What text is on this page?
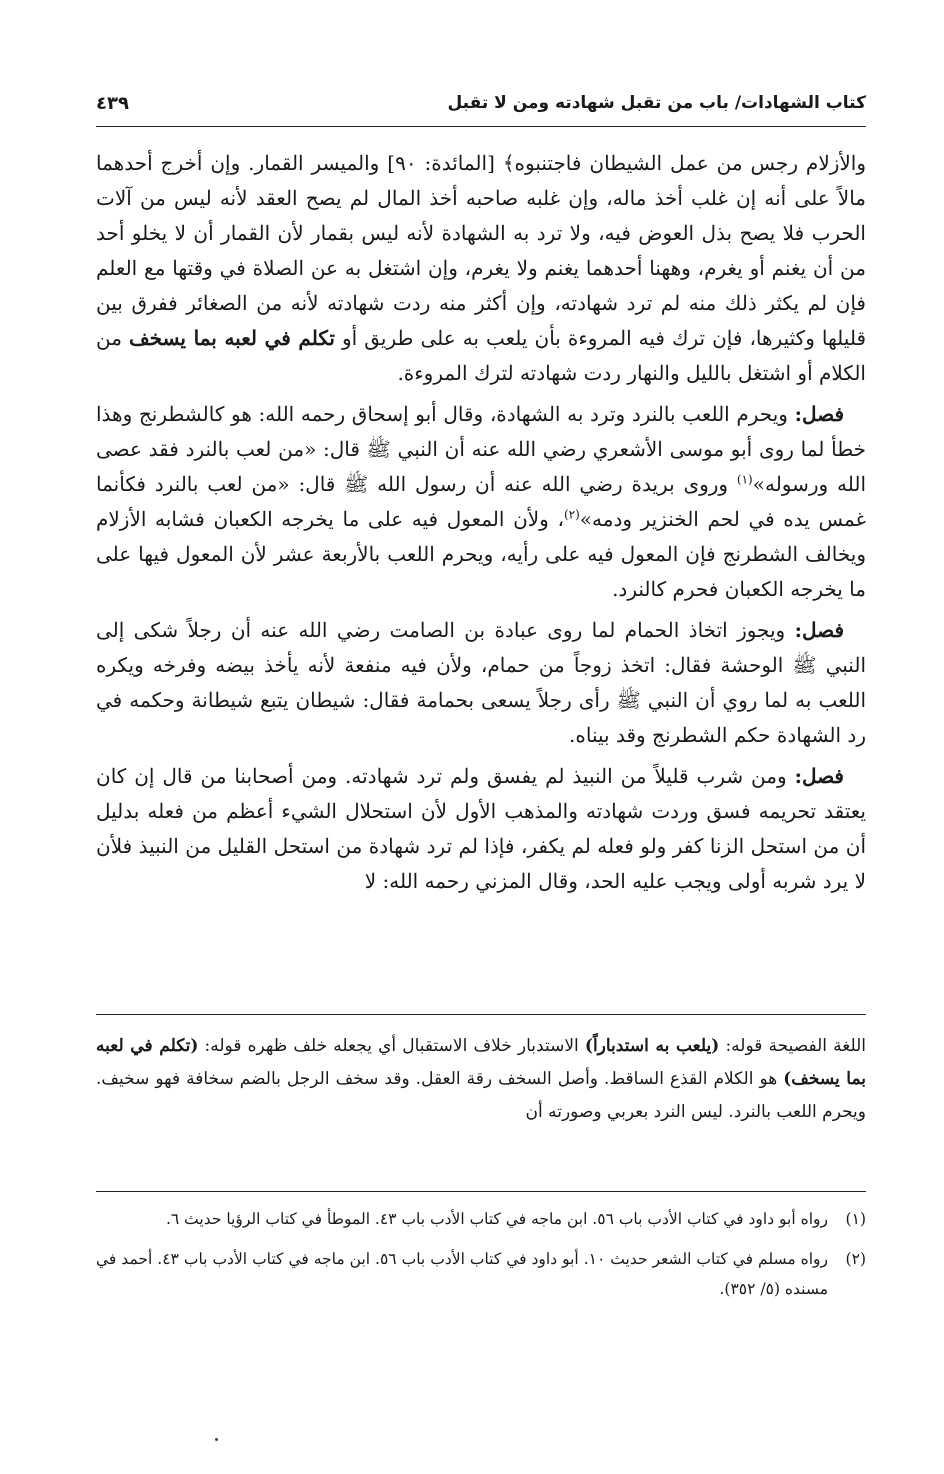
كتاب الشهادات/ باب من تقبل شهادته ومن لا تقبل
٤٣٩

والأزلام رجس من عمل الشيطان فاجتنبوه﴾ [المائدة: ٩٠] والميسر القمار. وإن أخرج أحدهما مالاً على أنه إن غلب أخذ ماله، وإن غلبه صاحبه أخذ المال لم يصح العقد لأنه ليس من آلات الحرب فلا يصح بذل العوض فيه، ولا ترد به الشهادة لأنه ليس بقمار لأن القمار أن لا يخلو أحد من أن يغنم أو يغرم، وههنا أحدهما يغنم ولا يغرم، وإن اشتغل به عن الصلاة في وقتها مع العلم فإن لم يكثر ذلك منه لم ترد شهادته، وإن أكثر منه ردت شهادته لأنه من الصغائر ففرق بين قليلها وكثيرها، فإن ترك فيه المروءة بأن يلعب به على طريق أو تكلم في لعبه بما يسخف من الكلام أو اشتغل بالليل والنهار ردت شهادته لترك المروءة.

فصل: ويحرم اللعب بالنرد وترد به الشهادة، وقال أبو إسحاق رحمه الله: هو كالشطرنج وهذا خطأ لما روى أبو موسى الأشعري رضي الله عنه أن النبي ﷺ قال: «من لعب بالنرد فقد عصى الله ورسوله»$^{(١)}$ وروى بريدة رضي الله عنه أن رسول الله ﷺ قال: «من لعب بالنرد فكأنما غمس يده في لحم الخنزير ودمه»$^{(٢)}$، ولأن المعول فيه على ما يخرجه الكعبان فشابه الأزلام ويخالف الشطرنج فإن المعول فيه على رأيه، ويحرم اللعب بالأربعة عشر لأن المعول فيها على ما يخرجه الكعبان فحرم كالنرد.

فصل: ويجوز اتخاذ الحمام لما روى عبادة بن الصامت رضي الله عنه أن رجلاً شكى إلى النبي ﷺ الوحشة فقال: اتخذ زوجاً من حمام، ولأن فيه منفعة لأنه يأخذ بيضه وفرخه ويكره اللعب به لما روي أن النبي ﷺ رأى رجلاً يسعى بحمامة فقال: شيطان يتبع شيطانة وحكمه في رد الشهادة حكم الشطرنج وقد بيناه.

فصل: ومن شرب قليلاً من النبيذ لم يفسق ولم ترد شهادته. ومن أصحابنا من قال إن كان يعتقد تحريمه فسق وردت شهادته والمذهب الأول لأن استحلال الشيء أعظم من فعله بدليل أن من استحل الزنا كفر ولو فعله لم يكفر، فإذا لم ترد شهادة من استحل القليل من النبيذ فلأن لا يرد شربه أولى ويجب عليه الحد، وقال المزني رحمه الله: لا

اللغة الفصيحة قوله: (يلعب به استدباراً) الاستدبار خلاف الاستقبال أي يجعله خلف ظهره قوله: (تكلم في لعبه بما يسخف) هو الكلام القذع الساقط. وأصل السخف رقة العقل. وقد سخف الرجل بالضم سخافة فهو سخيف. ويحرم اللعب بالنرد. ليس النرد بعربي وصورته أن

(١)
رواه أبو داود في كتاب الأدب باب ٥٦. ابن ماجه في كتاب الأدب باب ٤٣. الموطأ في كتاب الرؤيا حديث ٦.
(٢)
رواه مسلم في كتاب الشعر حديث ١٠. أبو داود في كتاب الأدب باب ٥٦. ابن ماجه في كتاب الأدب باب ٤٣. أحمد في مسنده (٥/ ٣٥٢).
